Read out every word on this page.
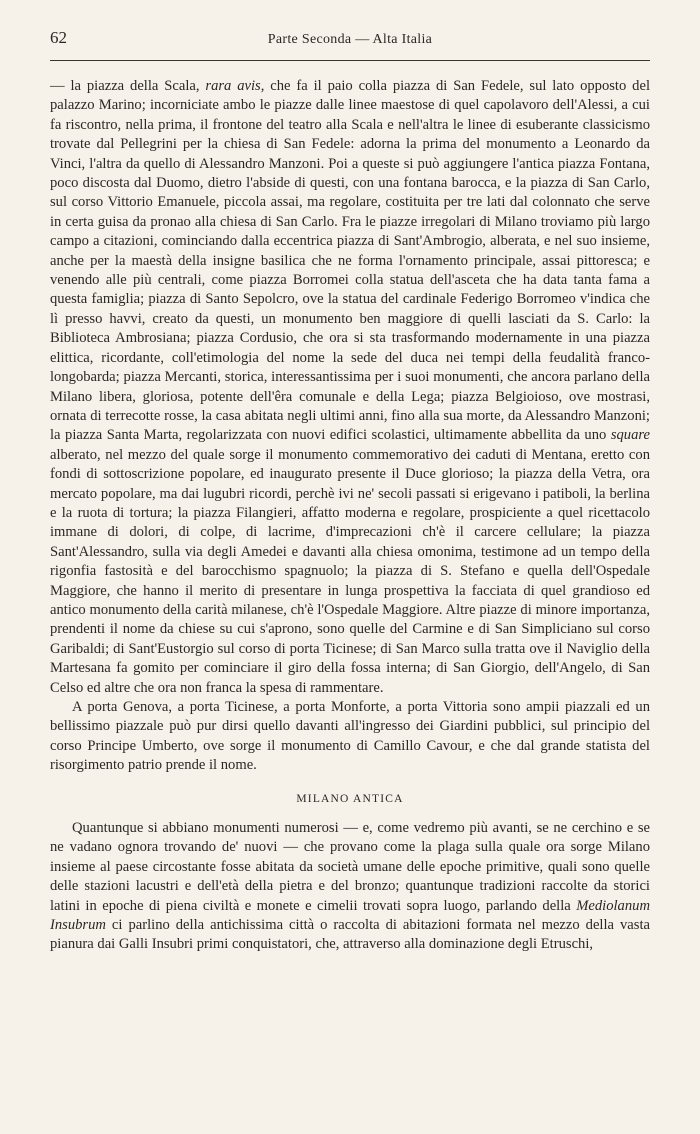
62	Parte Seconda — Alta Italia

— la piazza della Scala, rara avis, che fa il paio colla piazza di San Fedele, sul lato opposto del palazzo Marino; incorniciate ambo le piazze dalle linee maestose di quel capolavoro dell'Alessi, a cui fa riscontro, nella prima, il frontone del teatro alla Scala e nell'altra le linee di esuberante classicismo trovate dal Pellegrini per la chiesa di San Fedele: adorna la prima del monumento a Leonardo da Vinci, l'altra da quello di Alessandro Manzoni. Poi a queste si può aggiungere l'antica piazza Fontana, poco discosta dal Duomo, dietro l'abside di questi, con una fontana barocca, e la piazza di San Carlo, sul corso Vittorio Emanuele, piccola assai, ma regolare, costituita per tre lati dal colonnato che serve in certa guisa da pronao alla chiesa di San Carlo. Fra le piazze irregolari di Milano troviamo più largo campo a citazioni, cominciando dalla eccentrica piazza di Sant'Ambrogio, alberata, e nel suo insieme, anche per la maestà della insigne basilica che ne forma l'ornamento principale, assai pittoresca; e venendo alle più centrali, come piazza Borromei colla statua dell'asceta che ha data tanta fama a questa famiglia; piazza di Santo Sepolcro, ove la statua del cardinale Federigo Borromeo v'indica che lì presso havvi, creato da questi, un monumento ben maggiore di quelli lasciati da S. Carlo: la Biblioteca Ambrosiana; piazza Cordusio, che ora si sta trasformando modernamente in una piazza elittica, ricordante, coll'etimologia del nome la sede del duca nei tempi della feudalità franco-longobarda; piazza Mercanti, storica, interessantissima per i suoi monumenti, che ancora parlano della Milano libera, gloriosa, potente dell'êra comunale e della Lega; piazza Belgioioso, ove mostrasi, ornata di terrecotte rosse, la casa abitata negli ultimi anni, fino alla sua morte, da Alessandro Manzoni; la piazza Santa Marta, regolarizzata con nuovi edifici scolastici, ultimamente abbellita da uno square alberato, nel mezzo del quale sorge il monumento commemorativo dei caduti di Mentana, eretto con fondi di sottoscrizione popolare, ed inaugurato presente il Duce glorioso; la piazza della Vetra, ora mercato popolare, ma dai lugubri ricordi, perchè ivi ne' secoli passati si erigevano i patiboli, la berlina e la ruota di tortura; la piazza Filangieri, affatto moderna e regolare, prospiciente a quel ricettacolo immane di dolori, di colpe, di lacrime, d'imprecazioni ch'è il carcere cellulare; la piazza Sant'Alessandro, sulla via degli Amedei e davanti alla chiesa omonima, testimone ad un tempo della rigonfia fastosità e del barocchismo spagnuolo; la piazza di S. Stefano e quella dell'Ospedale Maggiore, che hanno il merito di presentare in lunga prospettiva la facciata di quel grandioso ed antico monumento della carità milanese, ch'è l'Ospedale Maggiore. Altre piazze di minore importanza, prendenti il nome da chiese su cui s'aprono, sono quelle del Carmine e di San Simpliciano sul corso Garibaldi; di Sant'Eustorgio sul corso di porta Ticinese; di San Marco sulla tratta ove il Naviglio della Martesana fa gomito per cominciare il giro della fossa interna; di San Giorgio, dell'Angelo, di San Celso ed altre che ora non franca la spesa di rammentare.

A porta Genova, a porta Ticinese, a porta Monforte, a porta Vittoria sono ampii piazzali ed un bellissimo piazzale può pur dirsi quello davanti all'ingresso dei Giardini pubblici, sul principio del corso Principe Umberto, ove sorge il monumento di Camillo Cavour, e che dal grande statista del risorgimento patrio prende il nome.

MILANO ANTICA

Quantunque si abbiano monumenti numerosi — e, come vedremo più avanti, se ne cerchino e se ne vadano ognora trovando de' nuovi — che provano come la plaga sulla quale ora sorge Milano insieme al paese circostante fosse abitata da società umane delle epoche primitive, quali sono quelle delle stazioni lacustri e dell'età della pietra e del bronzo; quantunque tradizioni raccolte da storici latini in epoche di piena civiltà e monete e cimelii trovati sopra luogo, parlando della Mediolanum Insubrum ci parlino della antichissima città o raccolta di abitazioni formata nel mezzo della vasta pianura dai Galli Insubri primi conquistatori, che, attraverso alla dominazione degli Etruschi,
